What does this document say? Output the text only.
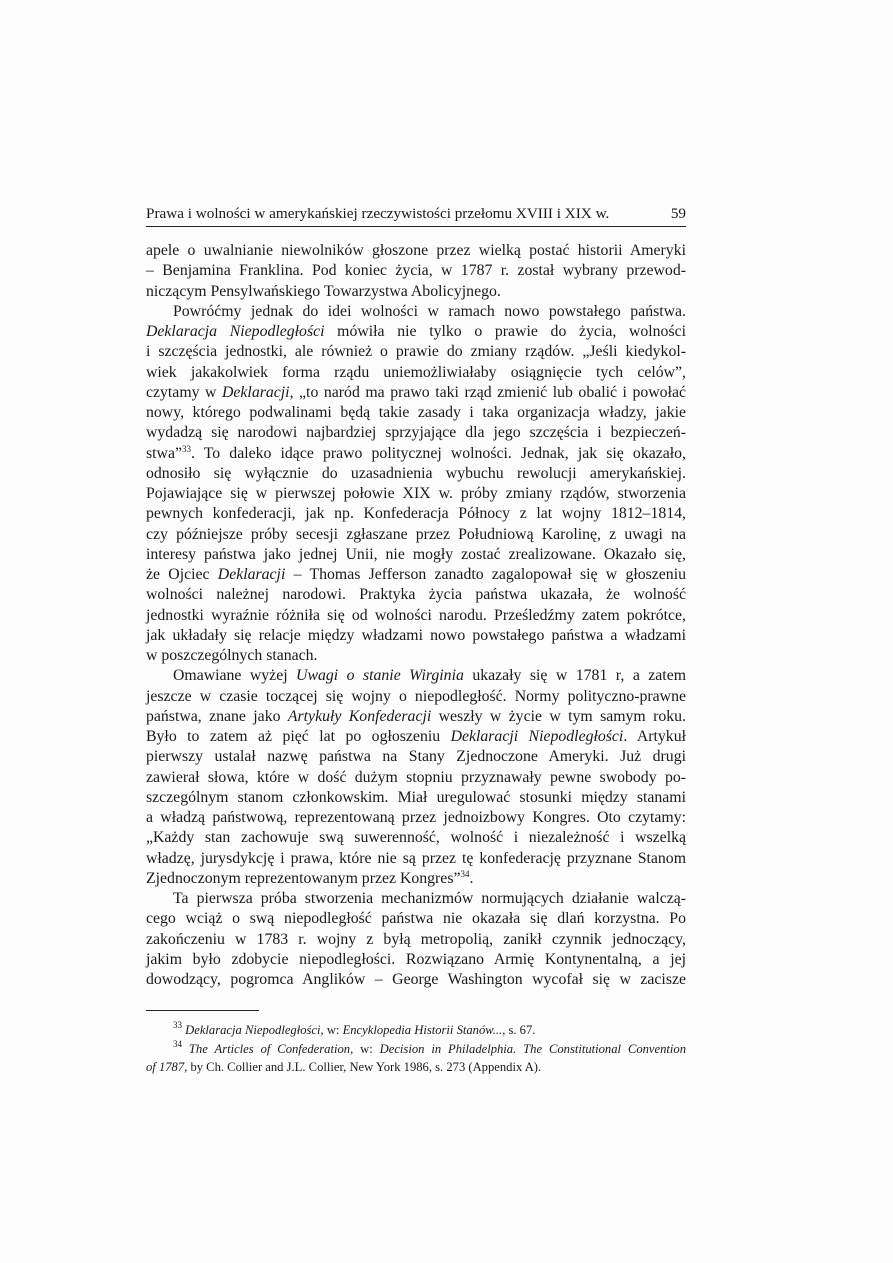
Prawa i wolności w amerykańskiej rzeczywistości przełomu XVIII i XIX w.	59
apele o uwalnianie niewolników głoszone przez wielką postać historii Ameryki
– Benjamina Franklina. Pod koniec życia, w 1787 r. został wybrany przewod-
niczącym Pensylwańskiego Towarzystwa Abolicyjnego.
Powróćmy jednak do idei wolności w ramach nowo powstałego państwa.
Deklaracja Niepodległości mówiła nie tylko o prawie do życia, wolności
i szczęścia jednostki, ale również o prawie do zmiany rządów. „Jeśli kiedykol-
wiek jakakolwiek forma rządu uniemożliwiałaby osiągnięcie tych celów”,
czytamy w Deklaracji, „to naród ma prawo taki rząd zmienić lub obalić i powołać
nowy, którego podwalinami będą takie zasady i taka organizacja władzy, jakie
wydadzą się narodowi najbardziej sprzyjające dla jego szczęścia i bezpieczeń-
stwa”$^{33}$. To daleko idące prawo politycznej wolności. Jednak, jak się okazało,
odnosiło się wyłącznie do uzasadnienia wybuchu rewolucji amerykańskiej.
Pojawiające się w pierwszej połowie XIX w. próby zmiany rządów, stworzenia
pewnych konfederacji, jak np. Konfederacja Północy z lat wojny 1812–1814,
czy późniejsze próby secesji zgłaszane przez Południową Karolinę, z uwagi na
interesy państwa jako jednej Unii, nie mogły zostać zrealizowane. Okazało się,
że Ojciec Deklaracji – Thomas Jefferson zanadto zagalopował się w głoszeniu
wolności należnej narodowi. Praktyka życia państwa ukazała, że wolność
jednostki wyraźnie różniła się od wolności narodu. Prześledźmy zatem pokrótce,
jak układały się relacje między władzami nowo powstałego państwa a władzami
w poszczególnych stanach.
Omawiane wyżej Uwagi o stanie Wirginia ukazały się w 1781 r, a zatem
jeszcze w czasie toczącej się wojny o niepodległość. Normy polityczno-prawne
państwa, znane jako Artykuły Konfederacji weszły w życie w tym samym roku.
Było to zatem aż pięć lat po ogłoszeniu Deklaracji Niepodległości. Artykuł
pierwszy ustalał nazwę państwa na Stany Zjednoczone Ameryki. Już drugi
zawierał słowa, które w dość dużym stopniu przyznawały pewne swobody po-
szczególnym stanom członkowskim. Miał uregulować stosunki między stanami
a władzą państwową, reprezentowaną przez jednoizbowy Kongres. Oto czytamy:
„Każdy stan zachowuje swą suwerenność, wolność i niezależność i wszelką
władzę, jurysdykcję i prawa, które nie są przez tę konfederację przyznane Stanom
Zjednoczonym reprezentowanym przez Kongres”$^{34}$.
Ta pierwsza próba stworzenia mechanizmów normujących działanie walczą-
cego wciąż o swą niepodległość państwa nie okazała się dlań korzystna. Po
zakończeniu w 1783 r. wojny z byłą metropolią, zanikł czynnik jednoczący,
jakim było zdobycie niepodległości. Rozwiązano Armię Kontynentalną, a jej
dowodzący, pogromca Anglików – George Washington wycofał się w zacisze
$^{33}$ Deklaracja Niepodległości, w: Encyklopedia Historii Stanów..., s. 67.
$^{34}$ The Articles of Confederation, w: Decision in Philadelphia. The Constitutional Convention
of 1787, by Ch. Collier and J.L. Collier, New York 1986, s. 273 (Appendix A).
